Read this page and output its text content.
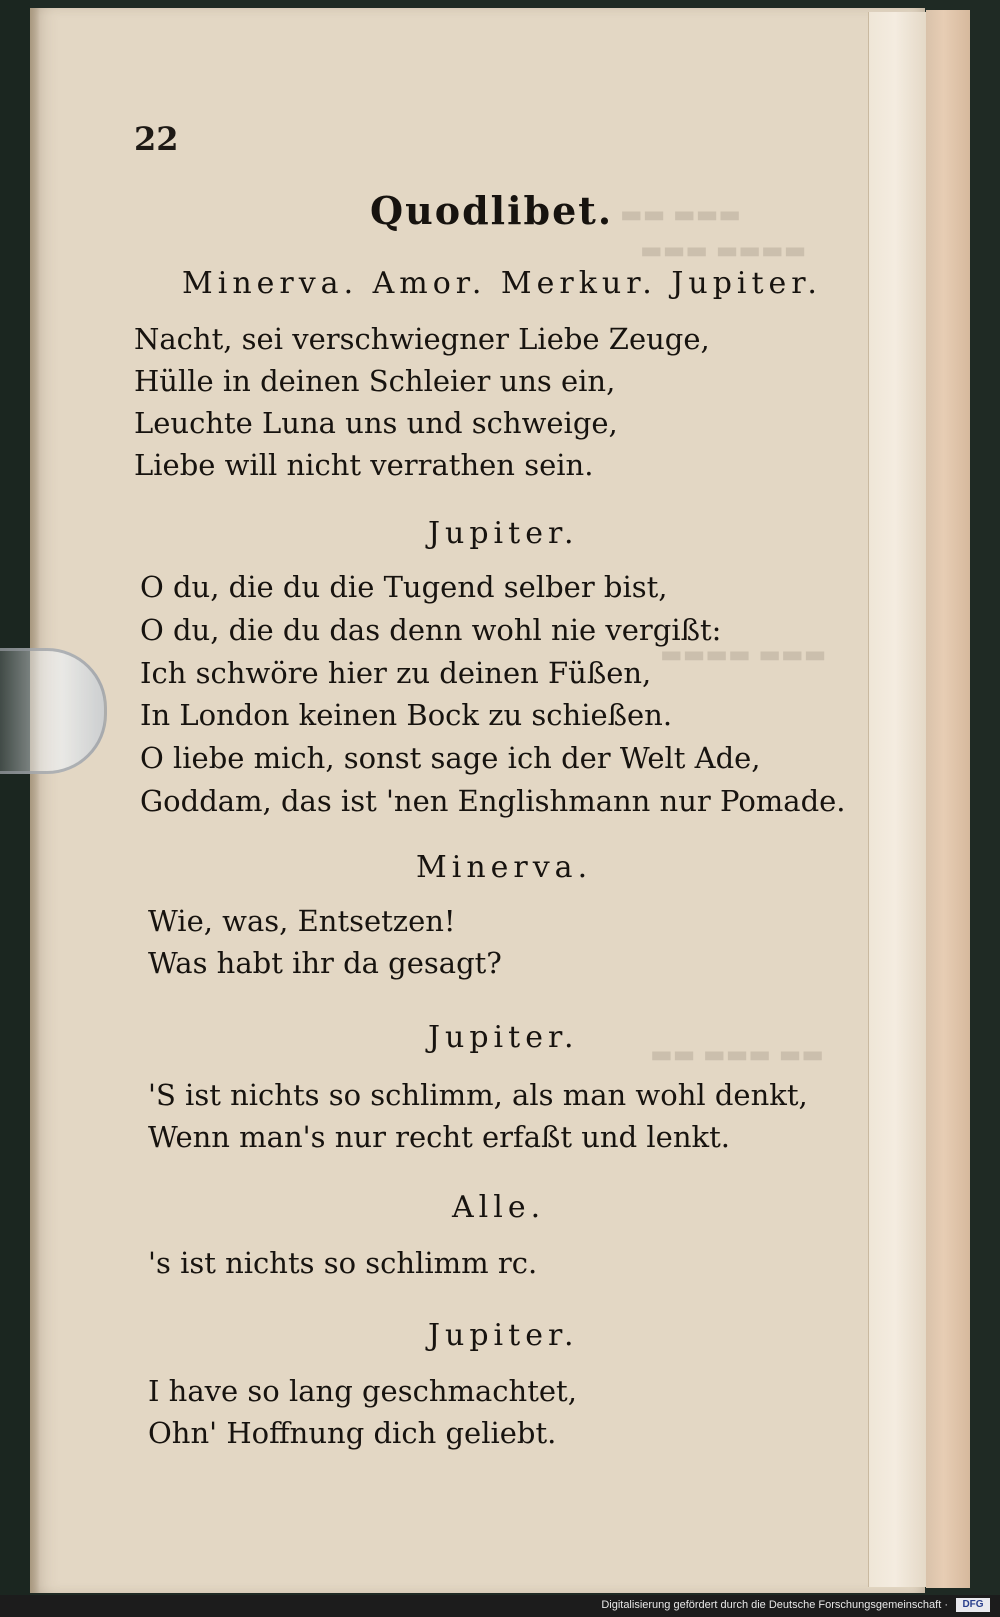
▬▬▬ ▬▬
▬▬▬▬ ▬▬▬
▬▬▬ ▬▬▬▬
▬▬ ▬▬▬ ▬▬
22
Quodlibet.
Minerva. Amor. Merkur. Jupiter.
Nacht, sei verschwiegner Liebe Zeuge,
Hülle in deinen Schleier uns ein,
Leuchte Luna uns und schweige,
Liebe will nicht verrathen sein.
Jupiter.
O du, die du die Tugend selber bist,
O du, die du das denn wohl nie vergißt:
Ich schwöre hier zu deinen Füßen,
In London keinen Bock zu schießen.
O liebe mich, sonst sage ich der Welt Ade,
Goddam, das ist 'nen Englishmann nur Pomade.
Minerva.
Wie, was, Entsetzen!
Was habt ihr da gesagt?
Jupiter.
'S ist nichts so schlimm, als man wohl denkt,
Wenn man's nur recht erfaßt und lenkt.
Alle.
's ist nichts so schlimm rc.
Jupiter.
I have so lang geschmachtet,
Ohn' Hoffnung dich geliebt.
Digitalisierung gefördert durch die Deutsche Forschungsgemeinschaft ·	DFG
